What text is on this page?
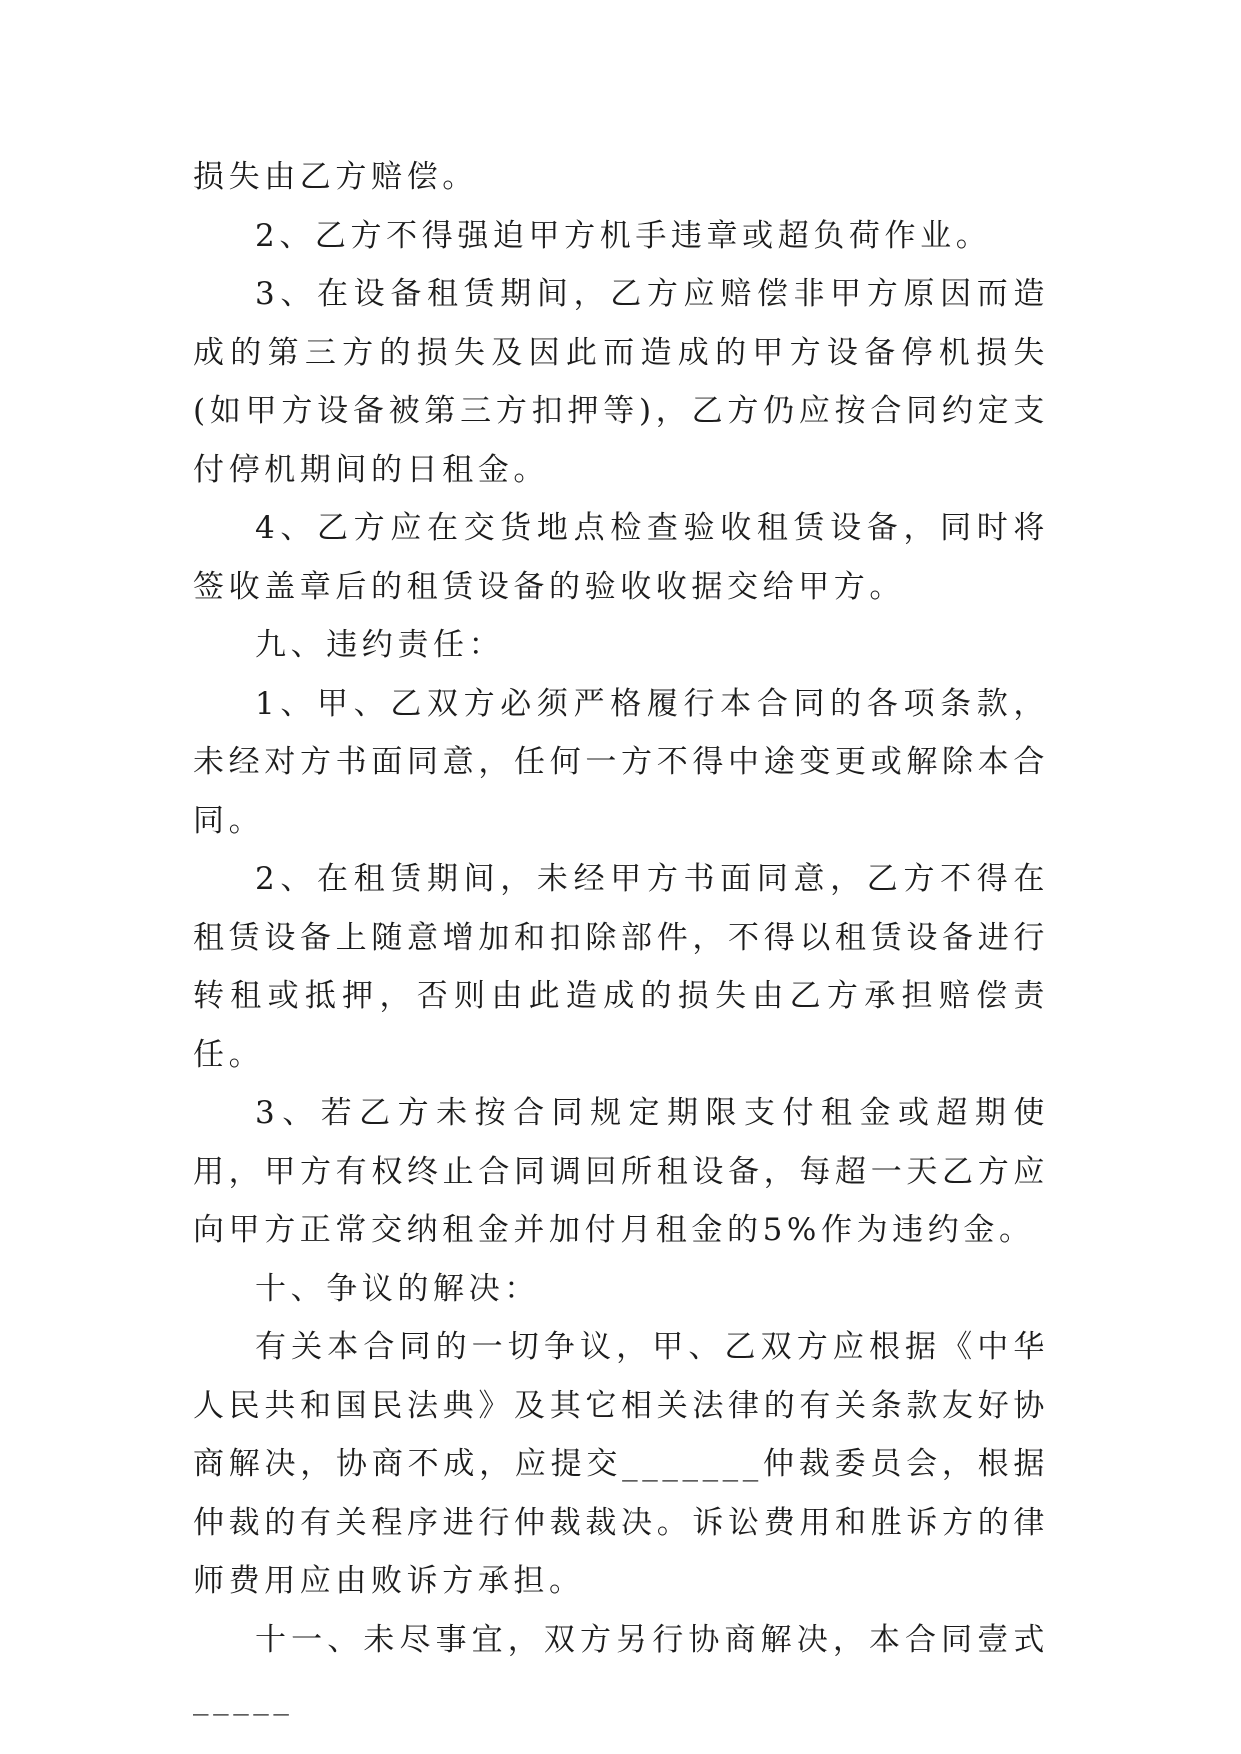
损失由乙方赔偿。

2、乙方不得强迫甲方机手违章或超负荷作业。

3、在设备租赁期间，乙方应赔偿非甲方原因而造成的第三方的损失及因此而造成的甲方设备停机损失(如甲方设备被第三方扣押等)，乙方仍应按合同约定支付停机期间的日租金。

4、乙方应在交货地点检查验收租赁设备，同时将签收盖章后的租赁设备的验收收据交给甲方。

九、违约责任：

1、甲、乙双方必须严格履行本合同的各项条款，未经对方书面同意，任何一方不得中途变更或解除本合同。

2、在租赁期间，未经甲方书面同意，乙方不得在租赁设备上随意增加和扣除部件，不得以租赁设备进行转租或抵押，否则由此造成的损失由乙方承担赔偿责任。

3、若乙方未按合同规定期限支付租金或超期使用，甲方有权终止合同调回所租设备，每超一天乙方应向甲方正常交纳租金并加付月租金的5%作为违约金。

十、争议的解决：

有关本合同的一切争议，甲、乙双方应根据《中华人民共和国民法典》及其它相关法律的有关条款友好协商解决，协商不成，应提交_______仲裁委员会，根据仲裁的有关程序进行仲裁裁决。诉讼费用和胜诉方的律师费用应由败诉方承担。

十一、未尽事宜，双方另行协商解决，本合同壹式_____
